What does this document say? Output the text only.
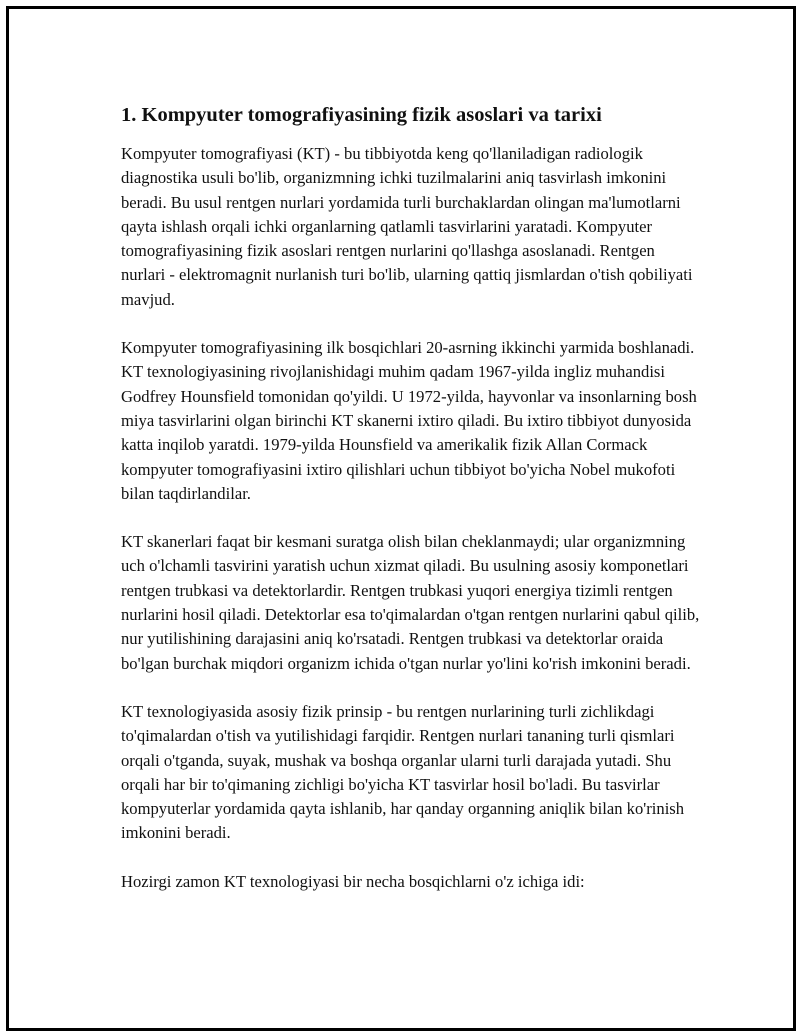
1. Kompyuter tomografiyasining fizik asoslari va tarixi

Kompyuter tomografiyasi (KT) - bu tibbiyotda keng qo'llaniladigan radiologik diagnostika usuli bo'lib, organizmning ichki tuzilmalarini aniq tasvirlash imkonini beradi. Bu usul rentgen nurlari yordamida turli burchaklardan olingan ma'lumotlarni qayta ishlash orqali ichki organlarning qatlamli tasvirlarini yaratadi. Kompyuter tomografiyasining fizik asoslari rentgen nurlarini qo'llashga asoslanadi. Rentgen nurlari - elektromagnit nurlanish turi bo'lib, ularning qattiq jismlardan o'tish qobiliyati mavjud.

Kompyuter tomografiyasining ilk bosqichlari 20-asrning ikkinchi yarmida boshlanadi. KT texnologiyasining rivojlanishidagi muhim qadam 1967-yilda ingliz muhandisi Godfrey Hounsfield tomonidan qo'yildi. U 1972-yilda, hayvonlar va insonlarning bosh miya tasvirlarini olgan birinchi KT skanerni ixtiro qiladi. Bu ixtiro tibbiyot dunyosida katta inqilob yaratdi. 1979-yilda Hounsfield va amerikalik fizik Allan Cormack kompyuter tomografiyasini ixtiro qilishlari uchun tibbiyot bo'yicha Nobel mukofoti bilan taqdirlandilar.

KT skanerlari faqat bir kesmani suratga olish bilan cheklanmaydi; ular organizmning uch o'lchamli tasvirini yaratish uchun xizmat qiladi. Bu usulning asosiy komponetlari rentgen trubkasi va detektorlardir. Rentgen trubkasi yuqori energiya tizimli rentgen nurlarini hosil qiladi. Detektorlar esa to'qimalardan o'tgan rentgen nurlarini qabul qilib, nur yutilishining darajasini aniq ko'rsatadi. Rentgen trubkasi va detektorlar oraida bo'lgan burchak miqdori organizm ichida o'tgan nurlar yo'lini ko'rish imkonini beradi.

KT texnologiyasida asosiy fizik prinsip - bu rentgen nurlarining turli zichlikdagi to'qimalardan o'tish va yutilishidagi farqidir. Rentgen nurlari tananing turli qismlari orqali o'tganda, suyak, mushak va boshqa organlar ularni turli darajada yutadi. Shu orqali har bir to'qimaning zichligi bo'yicha KT tasvirlar hosil bo'ladi. Bu tasvirlar kompyuterlar yordamida qayta ishlanib, har qanday organning aniqlik bilan ko'rinish imkonini beradi.

Hozirgi zamon KT texnologiyasi bir necha bosqichlarni o'z ichiga idi:
